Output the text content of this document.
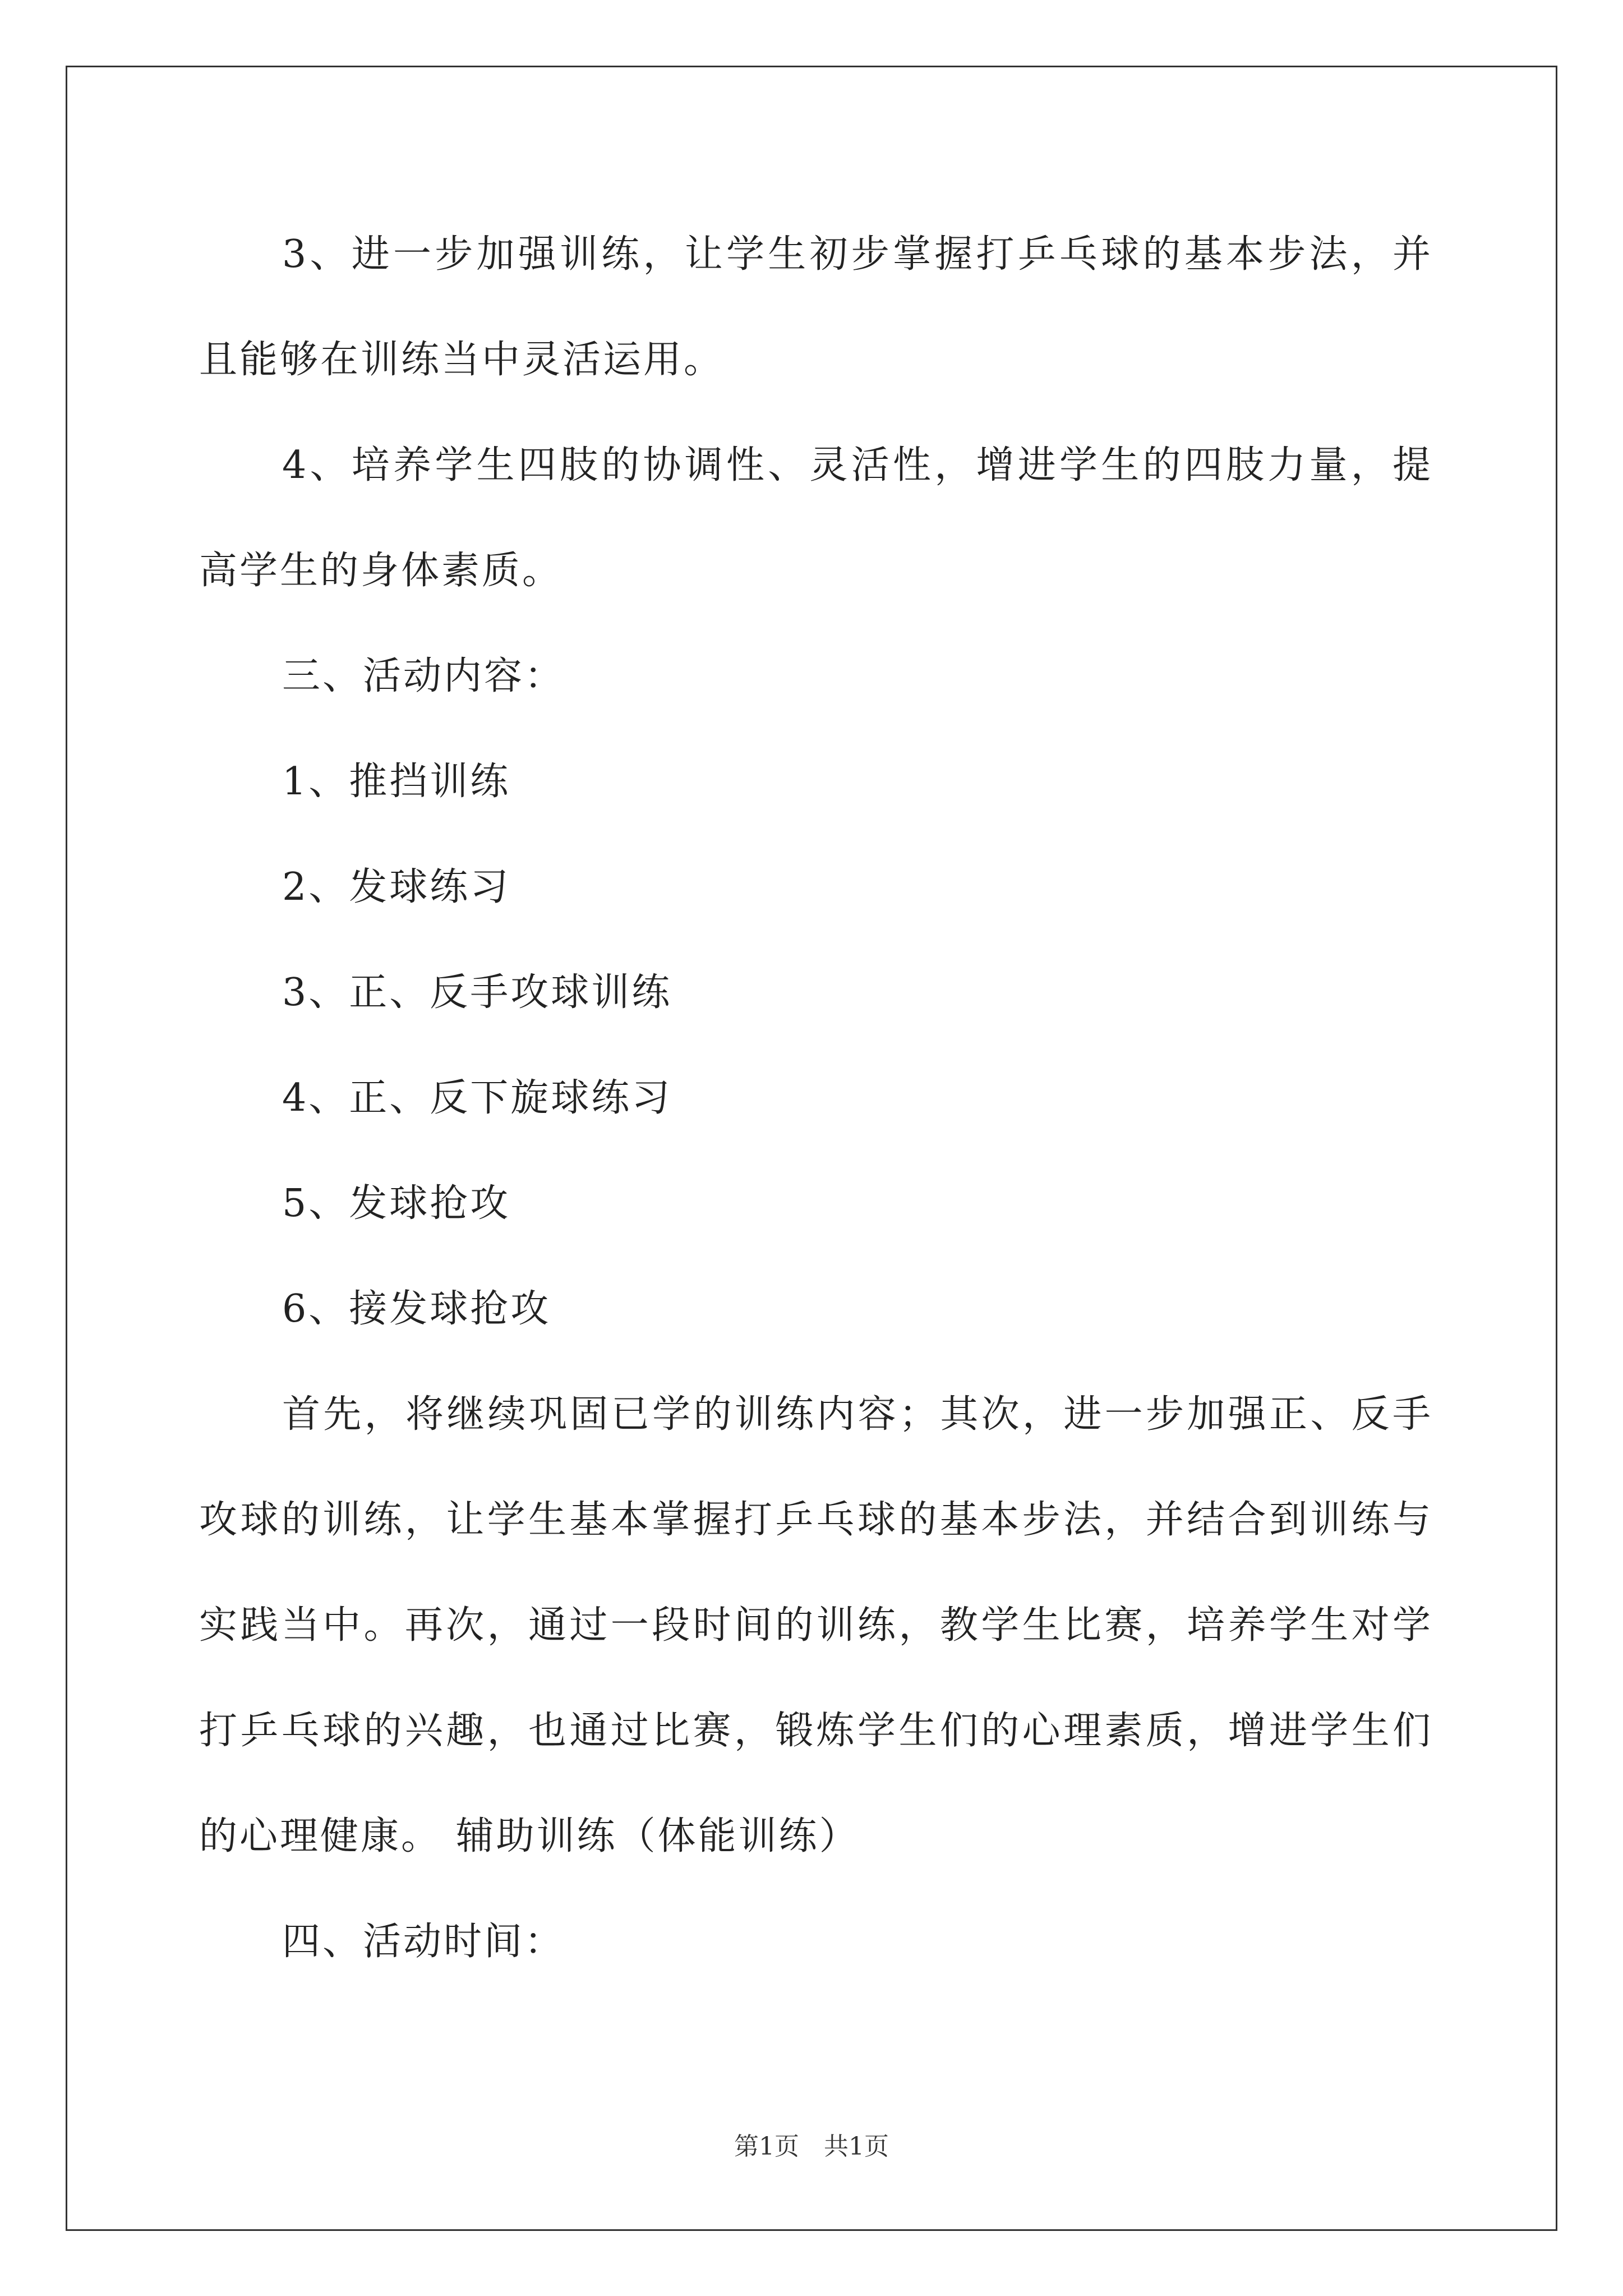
3、进一步加强训练，让学生初步掌握打乒乓球的基本步法，并且能够在训练当中灵活运用。

4、培养学生四肢的协调性、灵活性，增进学生的四肢力量，提高学生的身体素质。

三、活动内容：

1、推挡训练

2、发球练习

3、正、反手攻球训练

4、正、反下旋球练习

5、发球抢攻

6、接发球抢攻

首先，将继续巩固已学的训练内容；其次，进一步加强正、反手攻球的训练，让学生基本掌握打乒乓球的基本步法，并结合到训练与实践当中。再次，通过一段时间的训练，教学生比赛，培养学生对学打乒乓球的兴趣，也通过比赛，锻炼学生们的心理素质，增进学生们的心理健康。 辅助训练（体能训练）

四、活动时间：

第1页　共1页
